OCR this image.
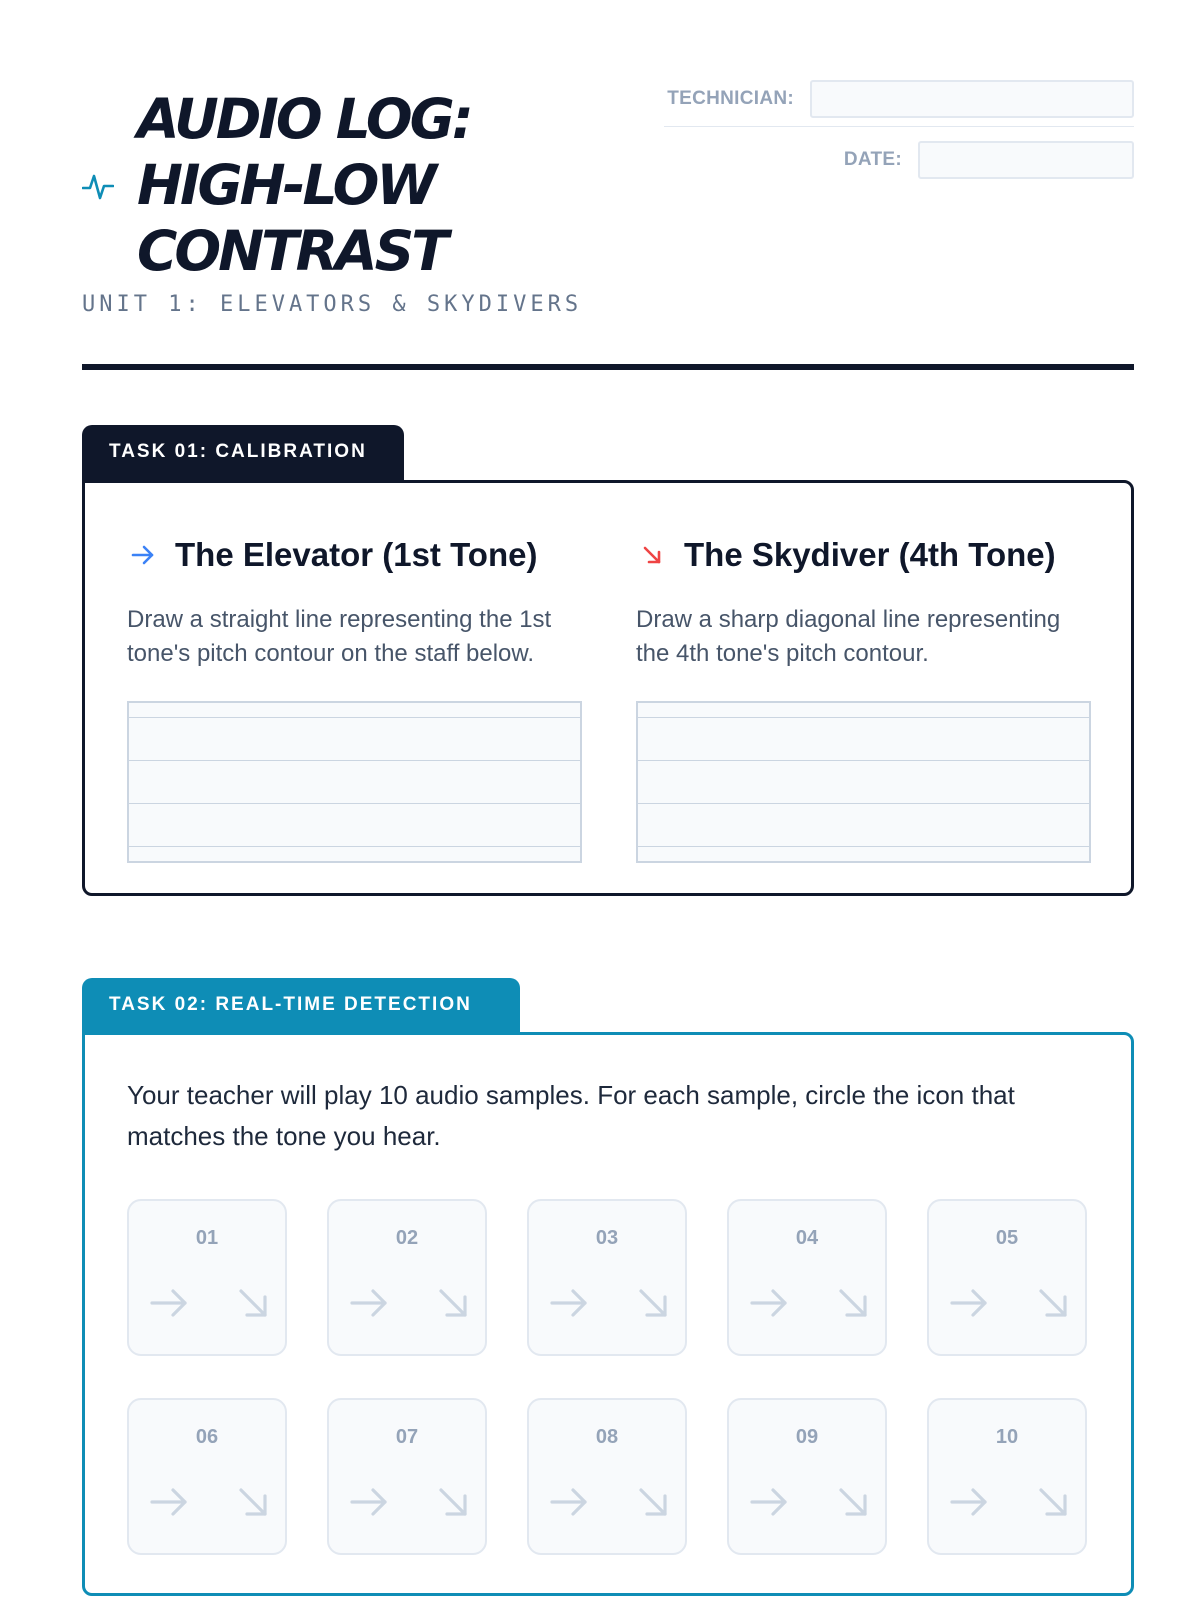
AUDIO LOG:
HIGH-LOW
CONTRAST
UNIT 1: ELEVATORS & SKYDIVERS
TECHNICIAN:
DATE:
TASK 01: CALIBRATION
The Elevator (1st Tone)
Draw a straight line representing the 1st tone's pitch contour on the staff below.
The Skydiver (4th Tone)
Draw a sharp diagonal line representing the 4th tone's pitch contour.
TASK 02: REAL-TIME DETECTION
Your teacher will play 10 audio samples. For each sample, circle the icon that matches the tone you hear.
01	02	03	04	05
06	07	08	09	10
